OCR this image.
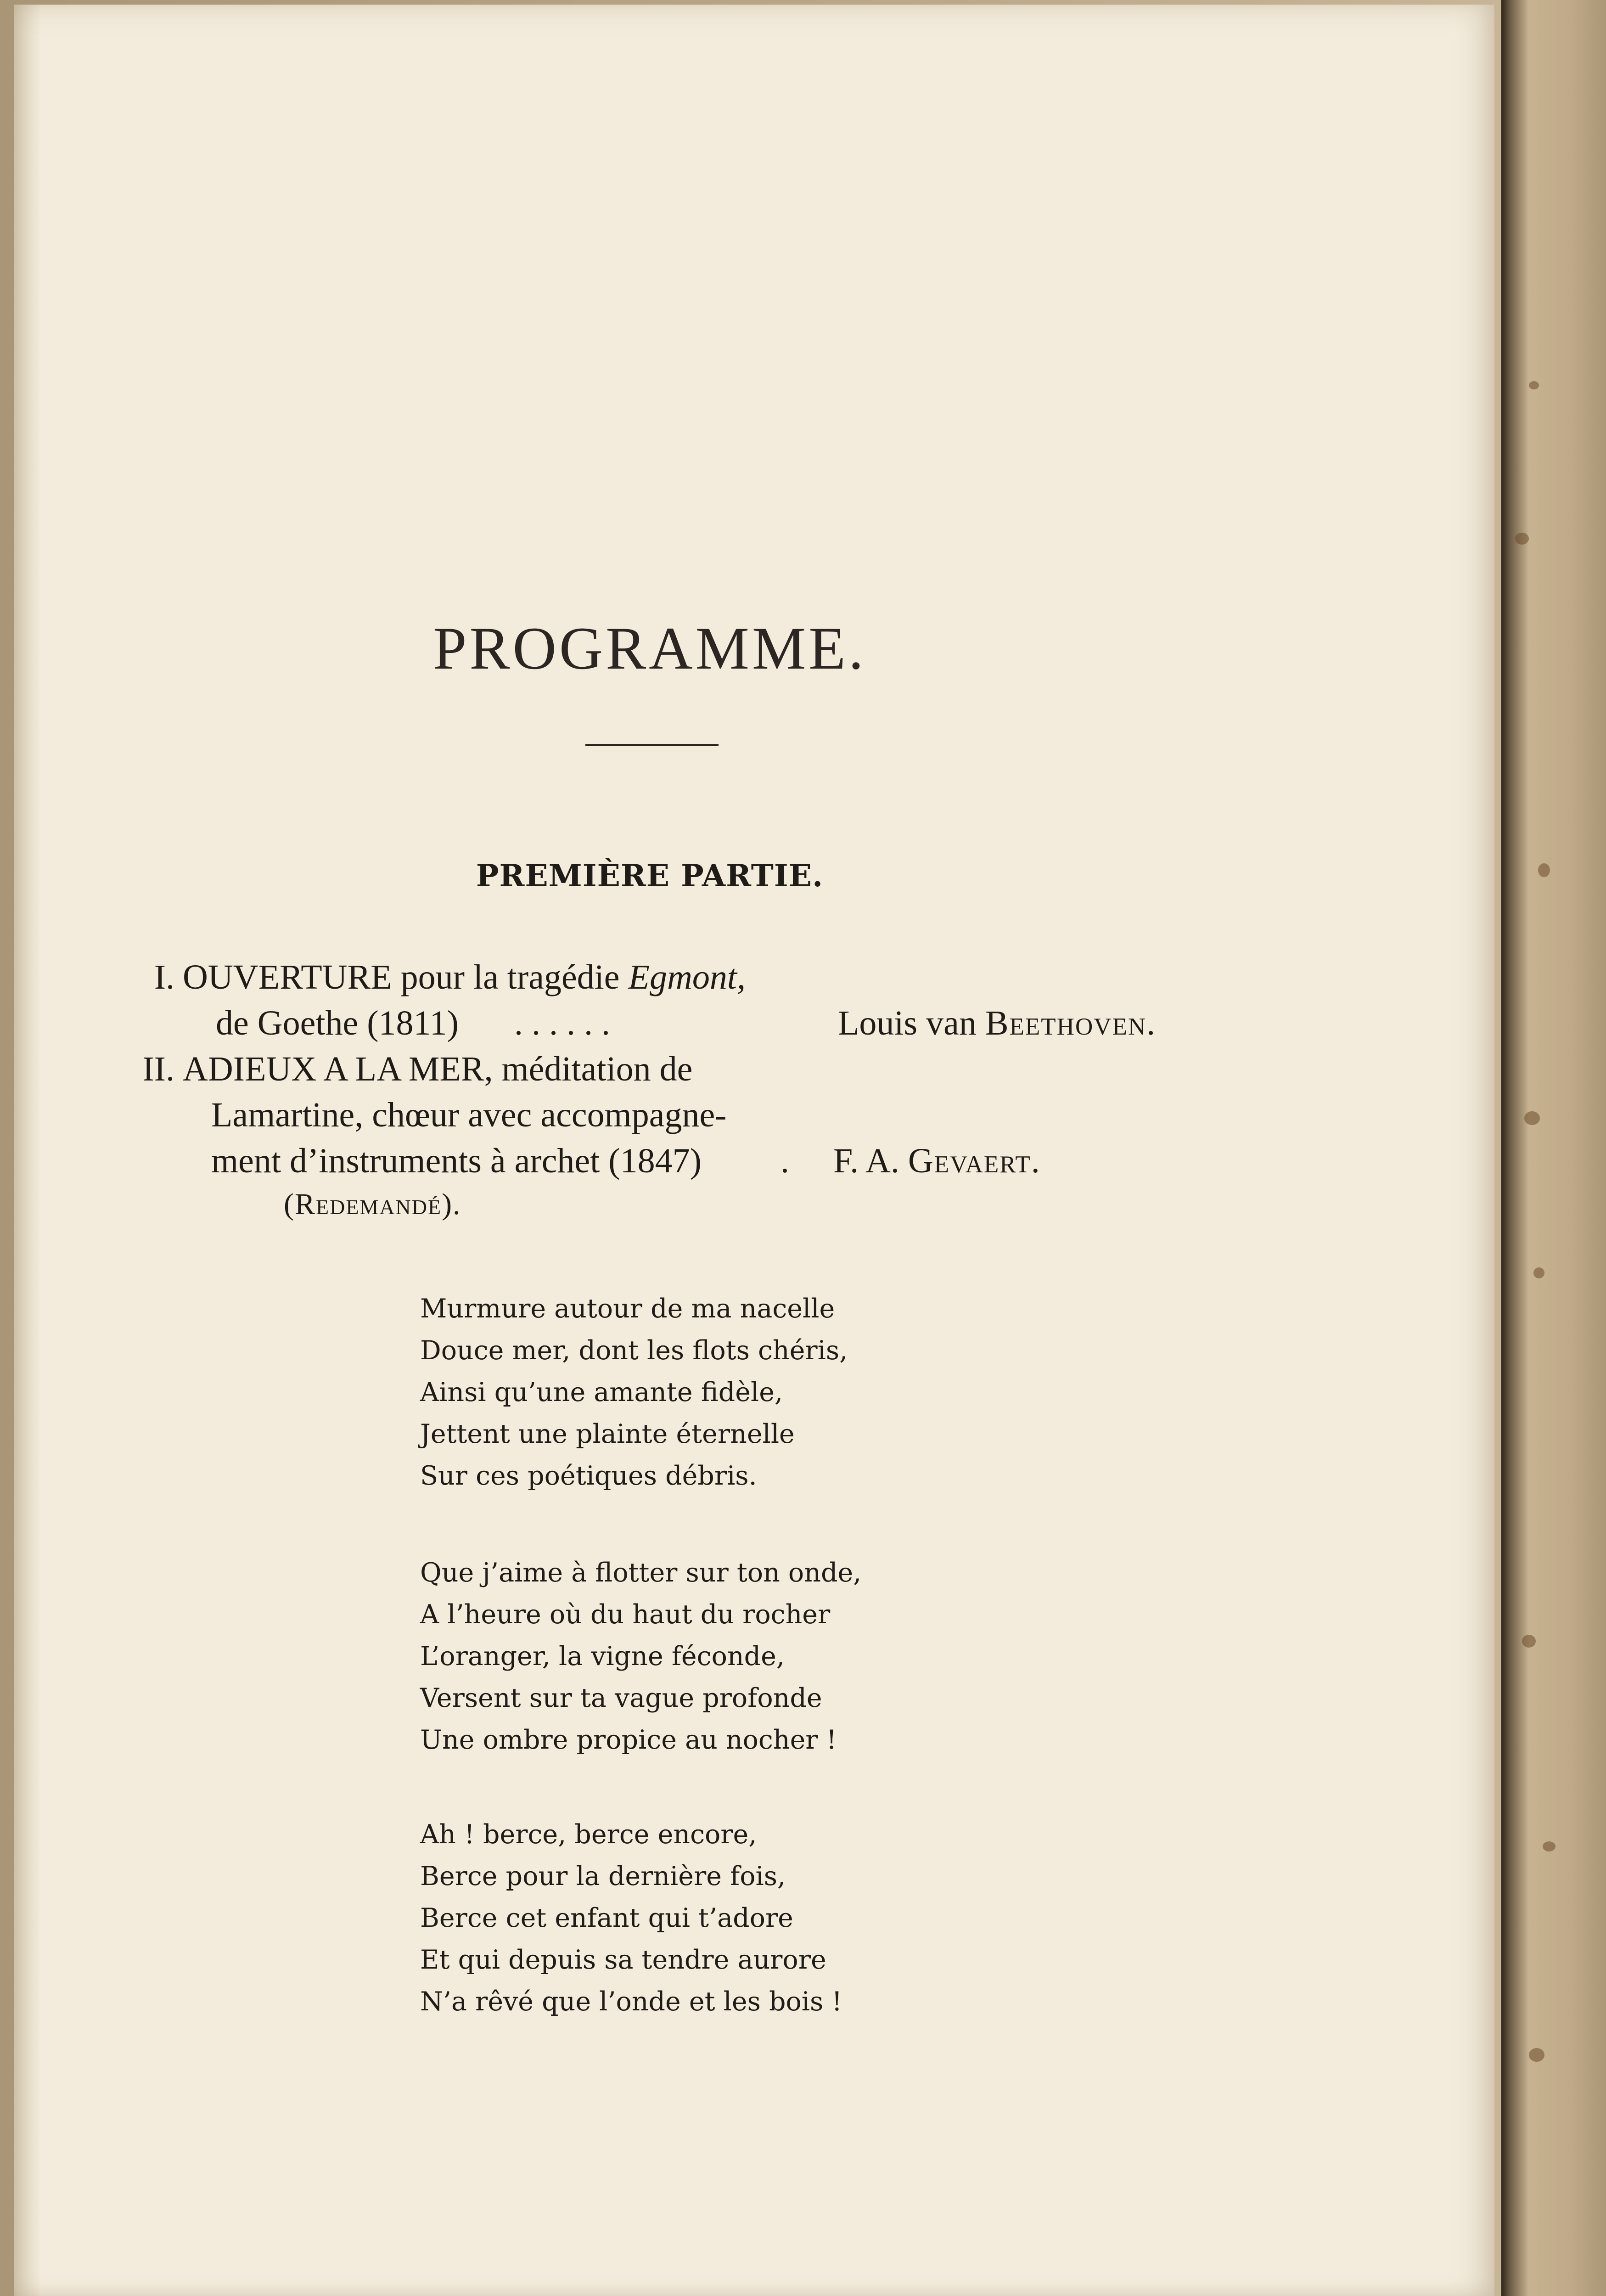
PROGRAMME.
PREMIÈRE PARTIE.
I. OUVERTURE pour la tragédie Egmont,
de Goethe (1811) . . . . . .	Louis van Beethoven.
II. ADIEUX A LA MER, méditation de
Lamartine, chœur avec accompagne-
ment d’instruments à archet (1847) . F. A. Gevaert.
(Redemandé).
Murmure autour de ma nacelle
Douce mer, dont les flots chéris,
Ainsi qu’une amante fidèle,
Jettent une plainte éternelle
Sur ces poétiques débris.
Que j’aime à flotter sur ton onde,
A l’heure où du haut du rocher
L’oranger, la vigne féconde,
Versent sur ta vague profonde
Une ombre propice au nocher !
Ah ! berce, berce encore,
Berce pour la dernière fois,
Berce cet enfant qui t’adore
Et qui depuis sa tendre aurore
N’a rêvé que l’onde et les bois !
